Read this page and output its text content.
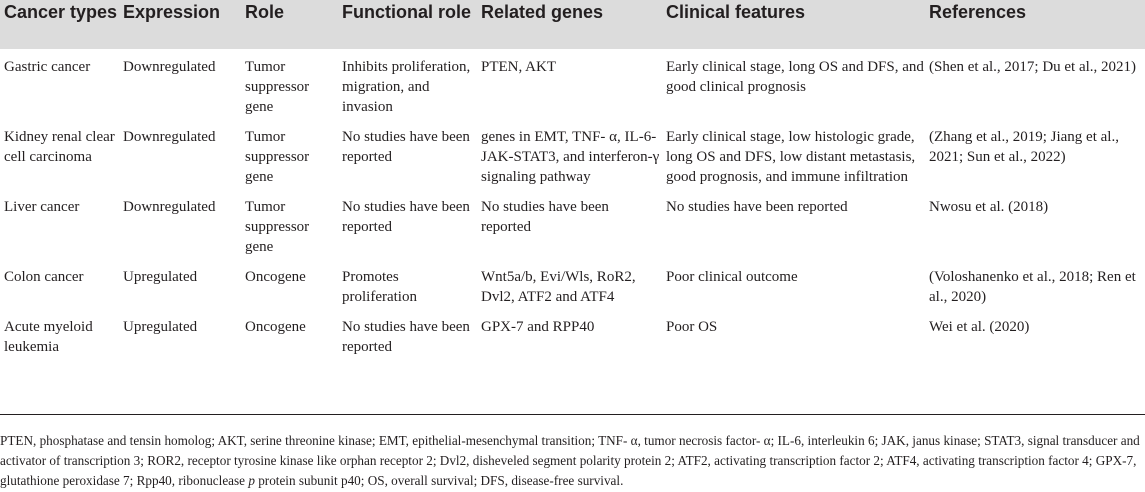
Cancer types	Expression	Role	Functional role	Related genes	Clinical features	References
Gastric cancer	Downregulated	Tumor suppressor gene	Inhibits proliferation, migration, and invasion	PTEN, AKT	Early clinical stage, long OS and DFS, and good clinical prognosis	(Shen et al., 2017; Du et al., 2021)
Kidney renal clear cell carcinoma	Downregulated	Tumor suppressor gene	No studies have been reported	genes in EMT, TNF- α, IL-6-JAK-STAT3, and interferon-γ signaling pathway	Early clinical stage, low histologic grade, long OS and DFS, low distant metastasis, good prognosis, and immune infiltration	(Zhang et al., 2019; Jiang et al., 2021; Sun et al., 2022)
Liver cancer	Downregulated	Tumor suppressor gene	No studies have been reported	No studies have been reported	No studies have been reported	Nwosu et al. (2018)
Colon cancer	Upregulated	Oncogene	Promotes proliferation	Wnt5a/b, Evi/Wls, RoR2, Dvl2, ATF2 and ATF4	Poor clinical outcome	(Voloshanenko et al., 2018; Ren et al., 2020)
Acute myeloid leukemia	Upregulated	Oncogene	No studies have been reported	GPX-7 and RPP40	Poor OS	Wei et al. (2020)
PTEN, phosphatase and tensin homolog; AKT, serine threonine kinase; EMT, epithelial-mesenchymal transition; TNF- α, tumor necrosis factor- α; IL-6, interleukin 6; JAK, janus kinase; STAT3, signal transducer and activator of transcription 3; ROR2, receptor tyrosine kinase like orphan receptor 2; Dvl2, disheveled segment polarity protein 2; ATF2, activating transcription factor 2; ATF4, activating transcription factor 4; GPX-7, glutathione peroxidase 7; Rpp40, ribonuclease p protein subunit p40; OS, overall survival; DFS, disease-free survival.
